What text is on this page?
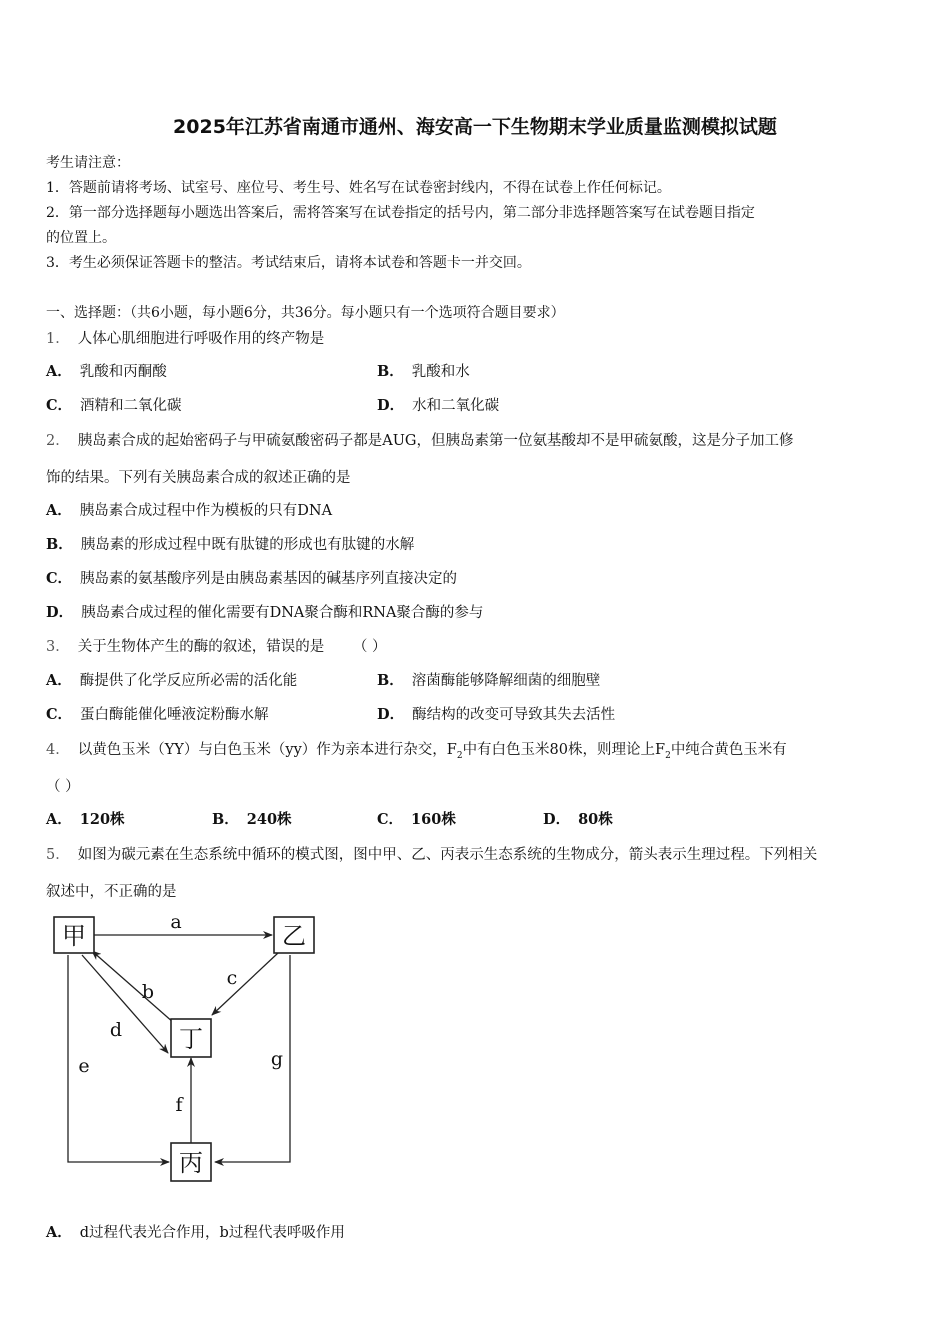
2025年江苏省南通市通州、海安高一下生物期末学业质量监测模拟试题
考生请注意：
1．答题前请将考场、试室号、座位号、考生号、姓名写在试卷密封线内，不得在试卷上作任何标记。
2．第一部分选择题每小题选出答案后，需将答案写在试卷指定的括号内，第二部分非选择题答案写在试卷题目指定
的位置上。
3．考生必须保证答题卡的整洁。考试结束后，请将本试卷和答题卡一并交回。
一、选择题：（共6小题，每小题6分，共36分。每小题只有一个选项符合题目要求）
1． 人体心肌细胞进行呼吸作用的终产物是
A． 乳酸和丙酮酸	B． 乳酸和水
C． 酒精和二氧化碳	D． 水和二氧化碳
2． 胰岛素合成的起始密码子与甲硫氨酸密码子都是AUG，但胰岛素第一位氨基酸却不是甲硫氨酸，这是分子加工修
饰的结果。下列有关胰岛素合成的叙述正确的是
A． 胰岛素合成过程中作为模板的只有DNA
B． 胰岛素的形成过程中既有肽键的形成也有肽键的水解
C． 胰岛素的氨基酸序列是由胰岛素基因的碱基序列直接决定的
D． 胰岛素合成过程的催化需要有DNA聚合酶和RNA聚合酶的参与
3． 关于生物体产生的酶的叙述，错误的是 （ ）
A． 酶提供了化学反应所必需的活化能	B． 溶菌酶能够降解细菌的细胞壁
C． 蛋白酶能催化唾液淀粉酶水解	D． 酶结构的改变可导致其失去活性
4． 以黄色玉米（YY）与白色玉米（yy）作为亲本进行杂交，$F_2$中有白色玉米80株，则理论上$F_2$中纯合黄色玉米有
（ ）
A． 120株	B． 240株	C． 160株	D． 80株
5． 如图为碳元素在生态系统中循环的模式图，图中甲、乙、丙表示生态系统的生物成分，箭头表示生理过程。下列相关
叙述中，不正确的是
甲	乙
丁
丙
a
b
c
d
e
f
g
A． d过程代表光合作用，b过程代表呼吸作用
